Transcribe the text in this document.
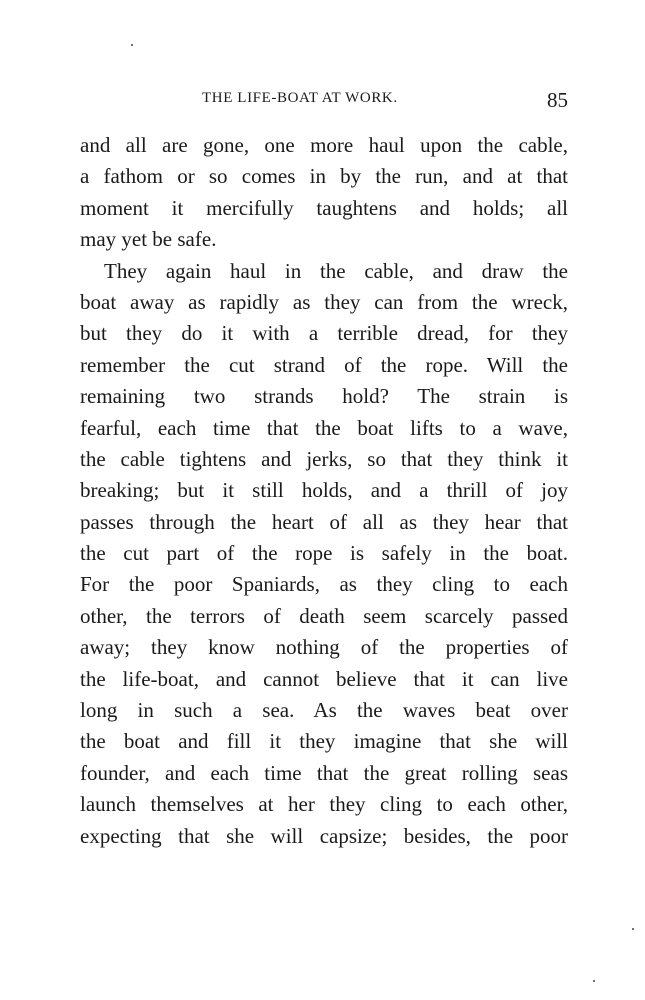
THE LIFE-BOAT AT WORK.	85
and all are gone, one more haul upon the cable,
a fathom or so comes in by the run, and at that
moment it mercifully taughtens and holds; all
may yet be safe.
They again haul in the cable, and draw the
boat away as rapidly as they can from the wreck,
but they do it with a terrible dread, for they
remember the cut strand of the rope. Will the
remaining two strands hold? The strain is
fearful, each time that the boat lifts to a wave,
the cable tightens and jerks, so that they think it
breaking; but it still holds, and a thrill of joy
passes through the heart of all as they hear that
the cut part of the rope is safely in the boat.
For the poor Spaniards, as they cling to each
other, the terrors of death seem scarcely passed
away; they know nothing of the properties of
the life-boat, and cannot believe that it can live
long in such a sea. As the waves beat over
the boat and fill it they imagine that she will
founder, and each time that the great rolling seas
launch themselves at her they cling to each other,
expecting that she will capsize; besides, the poor
